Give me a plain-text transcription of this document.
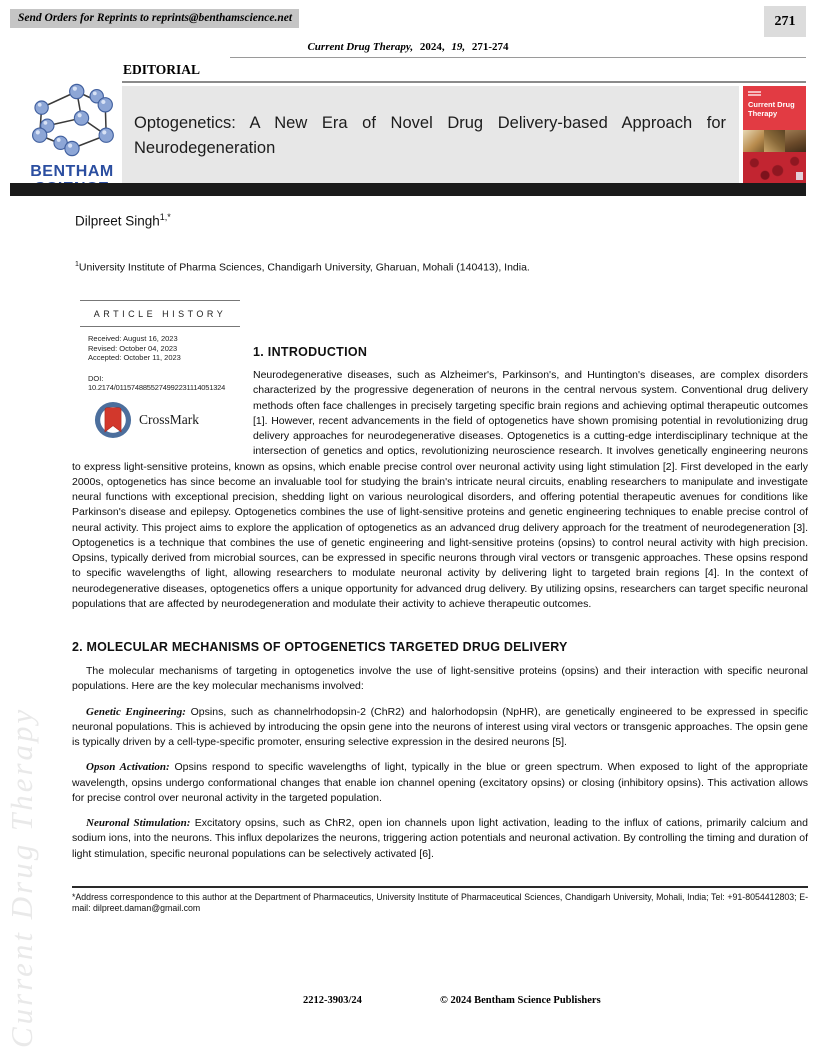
Current Drug Therapy
Send Orders for Reprints to reprints@benthamscience.net	271
Current Drug Therapy, 2024, 19, 271-274
BENTHAM
EDITORIAL
Optogenetics: A New Era of Novel Drug Delivery-based Approach for Neurodegeneration
Current Drug Therapy
Dilpreet Singh$^{1,*}$
$^1$University Institute of Pharma Sciences, Chandigarh University, Gharuan, Mohali (140413), India.
ARTICLE HISTORY
Received: August 16, 2023
Revised: October 04, 2023
Accepted: October 11, 2023
DOI:
10.2174/0115748855274992231114051324
CrossMark
1. INTRODUCTION

Neurodegenerative diseases, such as Alzheimer's, Parkinson's, and Huntington's diseases, are complex disorders characterized by the progressive degeneration of neurons in the central nervous system. Conventional drug delivery methods often face challenges in precisely targeting specific brain regions and achieving optimal therapeutic outcomes [1]. However, recent advancements in the field of optogenetics have shown promising potential in revolutionizing drug delivery approaches for neurodegenerative diseases. Optogenetics is a cutting-edge interdisciplinary technique at the intersection of genetics and optics, revolutionizing neuroscience research. It involves genetically engineering neurons to express light-sensitive proteins, known as opsins, which enable precise control over neuronal activity using light stimulation [2]. First developed in the early 2000s, optogenetics has since become an invaluable tool for studying the brain's intricate neural circuits, enabling researchers to manipulate and investigate neural functions with exceptional precision, shedding light on various neurological disorders, and offering potential therapeutic avenues for conditions like Parkinson's disease and epilepsy. Optogenetics combines the use of light-sensitive proteins and genetic engineering techniques to enable precise control of neural activity. This project aims to explore the application of optogenetics as an advanced drug delivery approach for the treatment of neurodegeneration [3]. Optogenetics is a technique that combines the use of genetic engineering and light-sensitive proteins (opsins) to control neural activity with high precision. Opsins, typically derived from microbial sources, can be expressed in specific neurons through viral vectors or transgenic approaches. These opsins respond to specific wavelengths of light, allowing researchers to modulate neuronal activity by delivering light to targeted brain regions [4]. In the context of neurodegenerative diseases, optogenetics offers a unique opportunity for advanced drug delivery. By utilizing opsins, researchers can target specific neuronal populations that are affected by neurodegeneration and modulate their activity to achieve therapeutic outcomes.

2. MOLECULAR MECHANISMS OF OPTOGENETICS TARGETED DRUG DELIVERY

The molecular mechanisms of targeting in optogenetics involve the use of light-sensitive proteins (opsins) and their interaction with specific neuronal populations. Here are the key molecular mechanisms involved:

Genetic Engineering: Opsins, such as channelrhodopsin-2 (ChR2) and halorhodopsin (NpHR), are genetically engineered to be expressed in specific neuronal populations. This is achieved by introducing the opsin gene into the neurons of interest using viral vectors or transgenic approaches. The opsin gene is typically driven by a cell-type-specific promoter, ensuring selective expression in the desired neurons [5].

Opson Activation: Opsins respond to specific wavelengths of light, typically in the blue or green spectrum. When exposed to light of the appropriate wavelength, opsins undergo conformational changes that enable ion channel opening (excitatory opsins) or closing (inhibitory opsins). This activation allows for precise control over neuronal activity in the targeted population.

Neuronal Stimulation: Excitatory opsins, such as ChR2, open ion channels upon light activation, leading to the influx of cations, primarily calcium and sodium ions, into the neurons. This influx depolarizes the neurons, triggering action potentials and neuronal activation. By controlling the timing and duration of light stimulation, specific neuronal populations can be selectively activated [6].

*Address correspondence to this author at the Department of Pharmaceutics, University Institute of Pharmaceutical Sciences, Chandigarh University, Mohali, India; Tel: +91-8054412803; E-mail: dilpreet.daman@gmail.com
2212-3903/24	© 2024 Bentham Science Publishers
